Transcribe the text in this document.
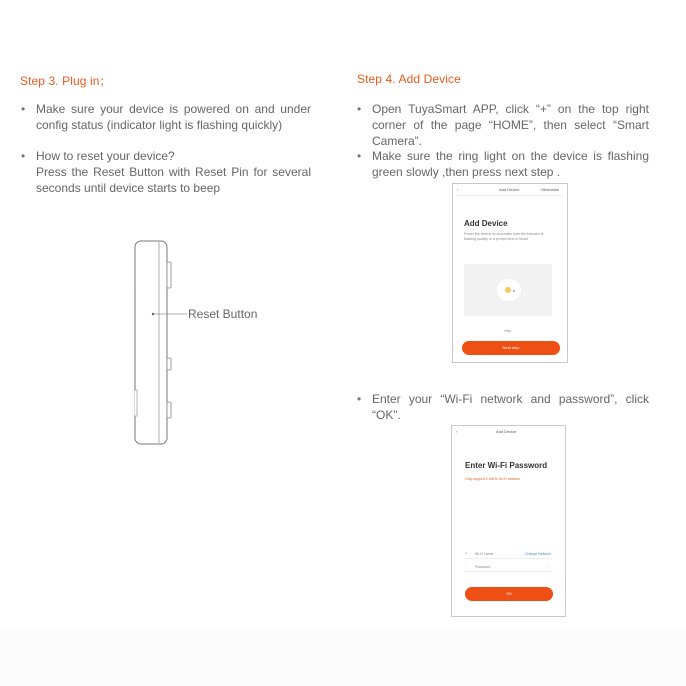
Step 3. Plug in；
• Make sure your device is powered on and under config status (indicator light is flashing quickly)
• How to reset your device?
Press the Reset Button with Reset Pin for several seconds until device starts to beep
Reset Button
Step 4. Add Device
• Open TuyaSmart APP, click “+” on the top right corner of the page “HOME”, then select “Smart Camera”.
• Make sure the ring light on the device is flashing green slowly ,then press next step .
‹	Add Device	Otherwise
Add Device
Power the device on and make sure the indicator is flashing quickly or a prompt tone is heard
Help
Next step
• Enter your “Wi-Fi network and password”, click “OK”.
‹	Add Device
Enter Wi-Fi Password
Only support 2.4GHz Wi-Fi network
≈ Wi-Fi Name	Change Network
▫	Password	◦
OK
